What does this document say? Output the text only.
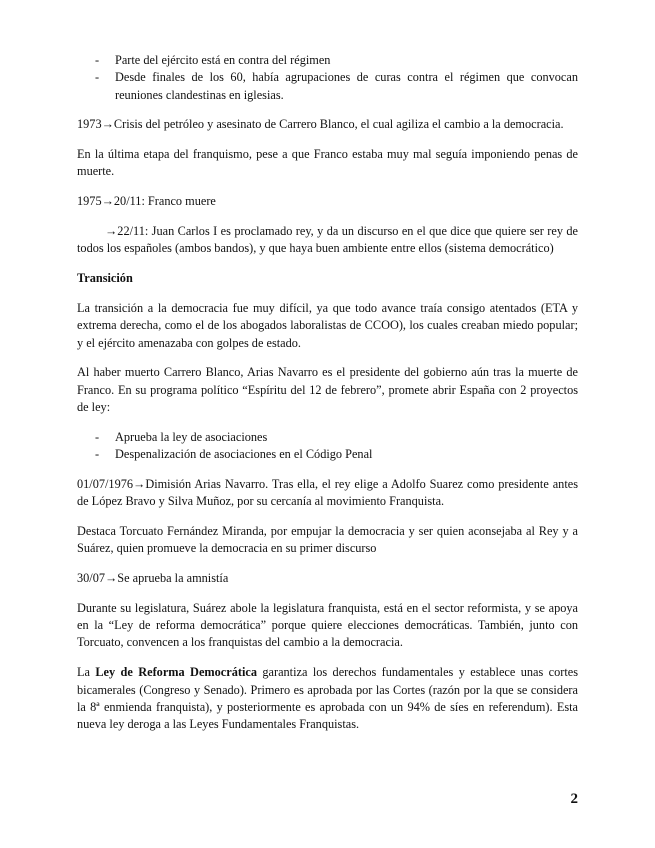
- Parte del ejército está en contra del régimen
- Desde finales de los 60, había agrupaciones de curas contra el régimen que convocan reuniones clandestinas en iglesias.

1973→Crisis del petróleo y asesinato de Carrero Blanco, el cual agiliza el cambio a la democracia.

En la última etapa del franquismo, pese a que Franco estaba muy mal seguía imponiendo penas de muerte.

1975→20/11: Franco muere

→22/11: Juan Carlos I es proclamado rey, y da un discurso en el que dice que quiere ser rey de todos los españoles (ambos bandos), y que haya buen ambiente entre ellos (sistema democrático)

Transición

La transición a la democracia fue muy difícil, ya que todo avance traía consigo atentados (ETA y extrema derecha, como el de los abogados laboralistas de CCOO), los cuales creaban miedo popular; y el ejército amenazaba con golpes de estado.

Al haber muerto Carrero Blanco, Arias Navarro es el presidente del gobierno aún tras la muerte de Franco. En su programa político “Espíritu del 12 de febrero”, promete abrir España con 2 proyectos de ley:

- Aprueba la ley de asociaciones
- Despenalización de asociaciones en el Código Penal

01/07/1976→Dimisión Arias Navarro. Tras ella, el rey elige a Adolfo Suarez como presidente antes de López Bravo y Silva Muñoz, por su cercanía al movimiento Franquista.

Destaca Torcuato Fernández Miranda, por empujar la democracia y ser quien aconsejaba al Rey y a Suárez, quien promueve la democracia en su primer discurso

30/07→Se aprueba la amnistía

Durante su legislatura, Suárez abole la legislatura franquista, está en el sector reformista, y se apoya en la “Ley de reforma democrática” porque quiere elecciones democráticas. También, junto con Torcuato, convencen a los franquistas del cambio a la democracia.

La Ley de Reforma Democrática garantiza los derechos fundamentales y establece unas cortes bicamerales (Congreso y Senado). Primero es aprobada por las Cortes (razón por la que se considera la 8ª enmienda franquista), y posteriormente es aprobada con un 94% de síes en referendum). Esta nueva ley deroga a las Leyes Fundamentales Franquistas.

2
